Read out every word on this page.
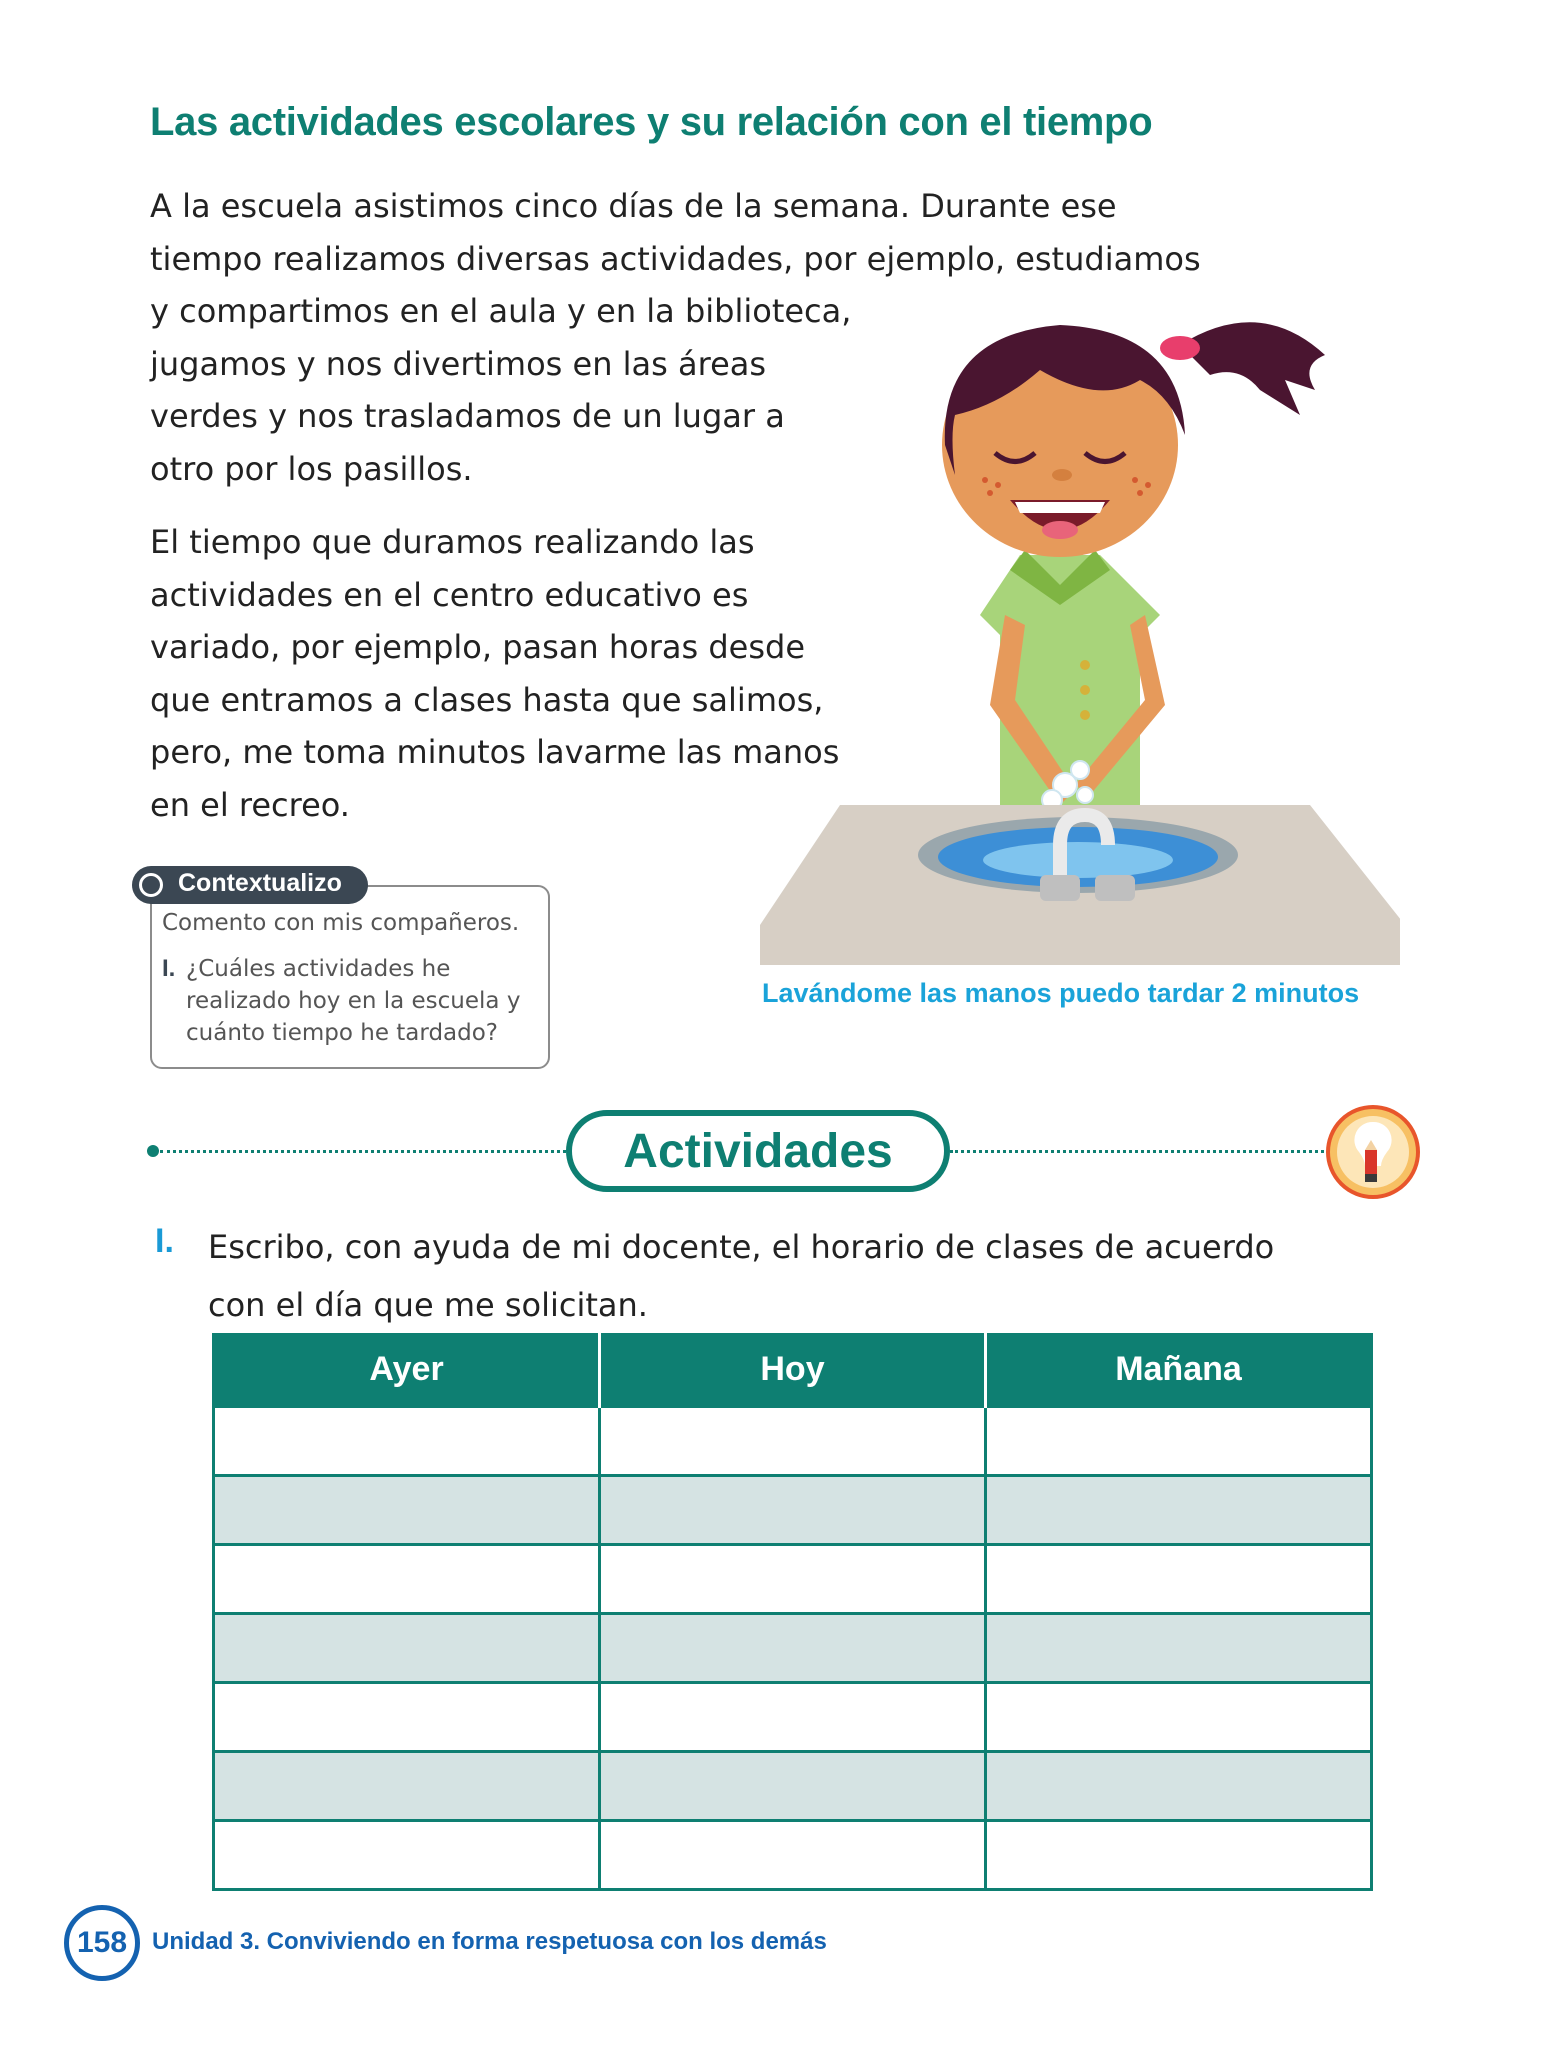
Las actividades escolares y su relación con el tiempo
A la escuela asistimos cinco días de la semana. Durante ese
tiempo realizamos diversas actividades, por ejemplo, estudiamos
y compartimos en el aula y en la biblioteca,
jugamos y nos divertimos en las áreas
verdes y nos trasladamos de un lugar a
otro por los pasillos.
El tiempo que duramos realizando las
actividades en el centro educativo es
variado, por ejemplo, pasan horas desde
que entramos a clases hasta que salimos,
pero, me toma minutos lavarme las manos
en el recreo.
Lavándome las manos puedo tardar 2 minutos
Contextualizo
Comento con mis compañeros.
I. ¿Cuáles actividades he
realizado hoy en la escuela y
cuánto tiempo he tardado?
Actividades
I. Escribo, con ayuda de mi docente, el horario de clases de acuerdo
con el día que me solicitan.
Ayer	Hoy	Mañana

158	Unidad 3. Conviviendo en forma respetuosa con los demás
